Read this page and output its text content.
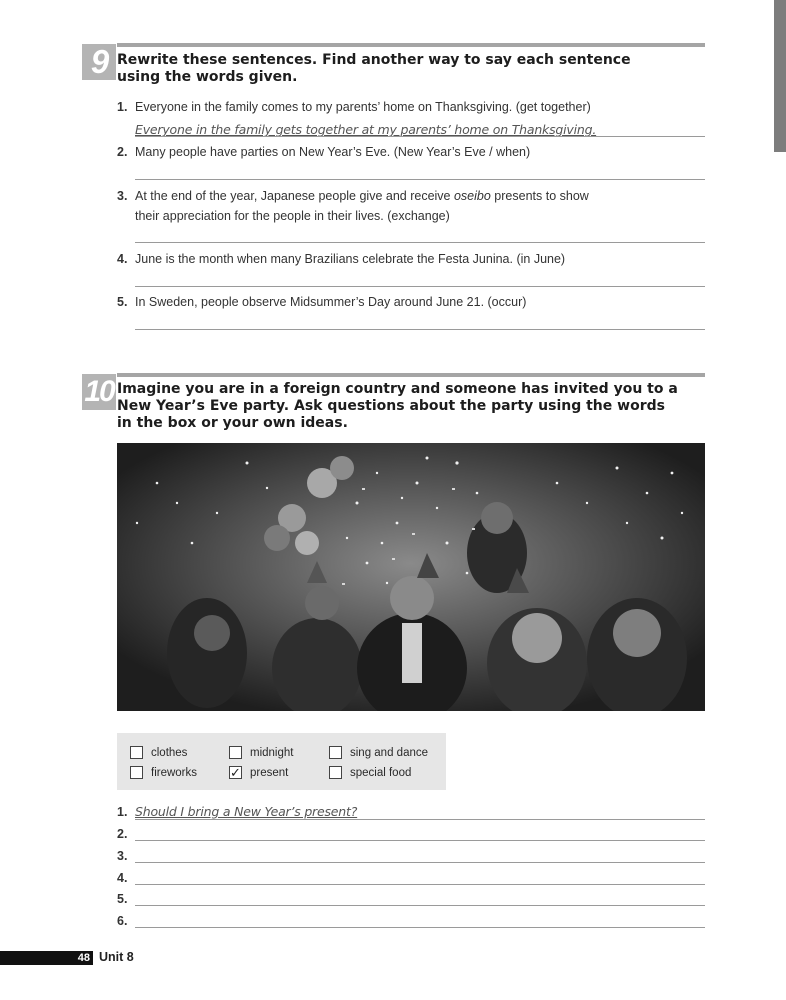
9 Rewrite these sentences. Find another way to say each sentence
using the words given.
1. Everyone in the family comes to my parents’ home on Thanksgiving. (get together)
Everyone in the family gets together at my parents’ home on Thanksgiving.
2. Many people have parties on New Year’s Eve. (New Year’s Eve / when)
3. At the end of the year, Japanese people give and receive oseibo presents to show
their appreciation for the people in their lives. (exchange)
4. June is the month when many Brazilians celebrate the Festa Junina. (in June)
5. In Sweden, people observe Midsummer’s Day around June 21. (occur)
10 Imagine you are in a foreign country and someone has invited you to a
New Year’s Eve party. Ask questions about the party using the words
in the box or your own ideas.
clothes	midnight	sing and dance
fireworks	✓ present	special food
1. Should I bring a New Year’s present?
2.
3.
4.
5.
6.
48 Unit 8
